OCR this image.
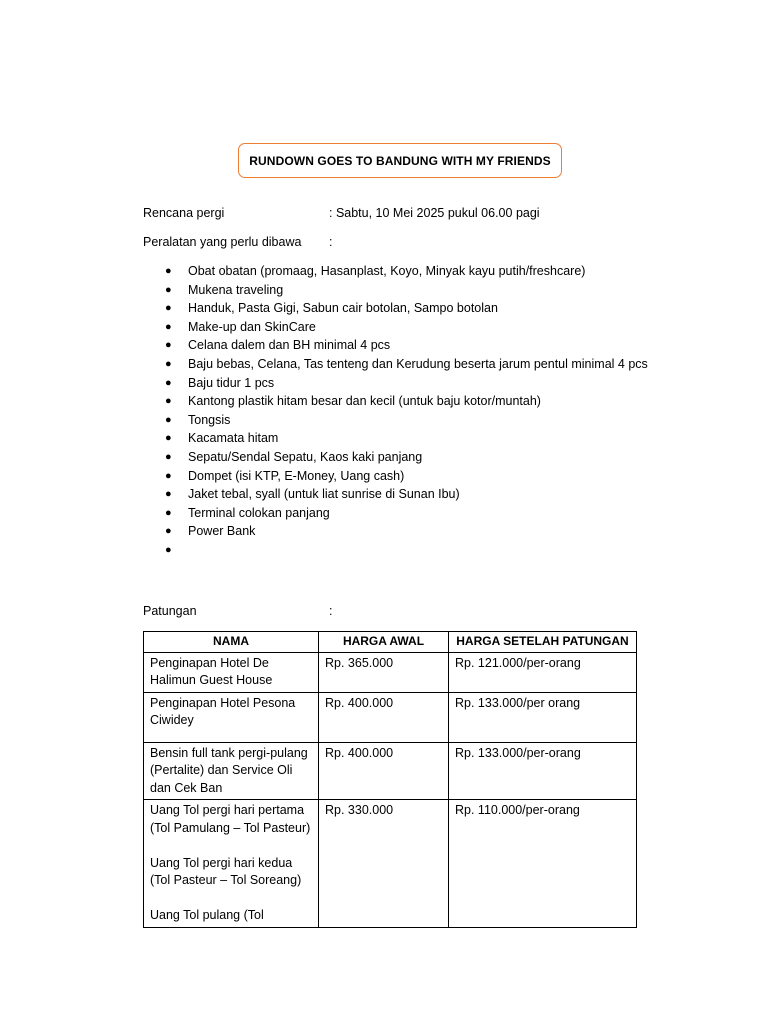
RUNDOWN GOES TO BANDUNG WITH MY FRIENDS
Rencana pergi	: Sabtu, 10 Mei 2025 pukul 06.00 pagi
Peralatan yang perlu dibawa :
● Obat obatan (promaag, Hasanplast, Koyo, Minyak kayu putih/freshcare)
● Mukena traveling
● Handuk, Pasta Gigi, Sabun cair botolan, Sampo botolan
● Make-up dan SkinCare
● Celana dalem dan BH minimal 4 pcs
● Baju bebas, Celana, Tas tenteng dan Kerudung beserta jarum pentul minimal 4 pcs
● Baju tidur 1 pcs
● Kantong plastik hitam besar dan kecil (untuk baju kotor/muntah)
● Tongsis
● Kacamata hitam
● Sepatu/Sendal Sepatu, Kaos kaki panjang
● Dompet (isi KTP, E-Money, Uang cash)
● Jaket tebal, syall (untuk liat sunrise di Sunan Ibu)
● Terminal colokan panjang
● Power Bank
●
Patungan	:
NAMA	HARGA AWAL	HARGA SETELAH PATUNGAN
Penginapan Hotel De
Halimun Guest House	Rp. 365.000	Rp. 121.000/per-orang
Penginapan Hotel Pesona
Ciwidey	Rp. 400.000	Rp. 133.000/per orang
Bensin full tank pergi-pulang
(Pertalite) dan Service Oli
dan Cek Ban	Rp. 400.000	Rp. 133.000/per-orang
Uang Tol pergi hari pertama
(Tol Pamulang – Tol Pasteur)

Uang Tol pergi hari kedua
(Tol Pasteur – Tol Soreang)

Uang Tol pulang (Tol	Rp. 330.000	Rp. 110.000/per-orang
